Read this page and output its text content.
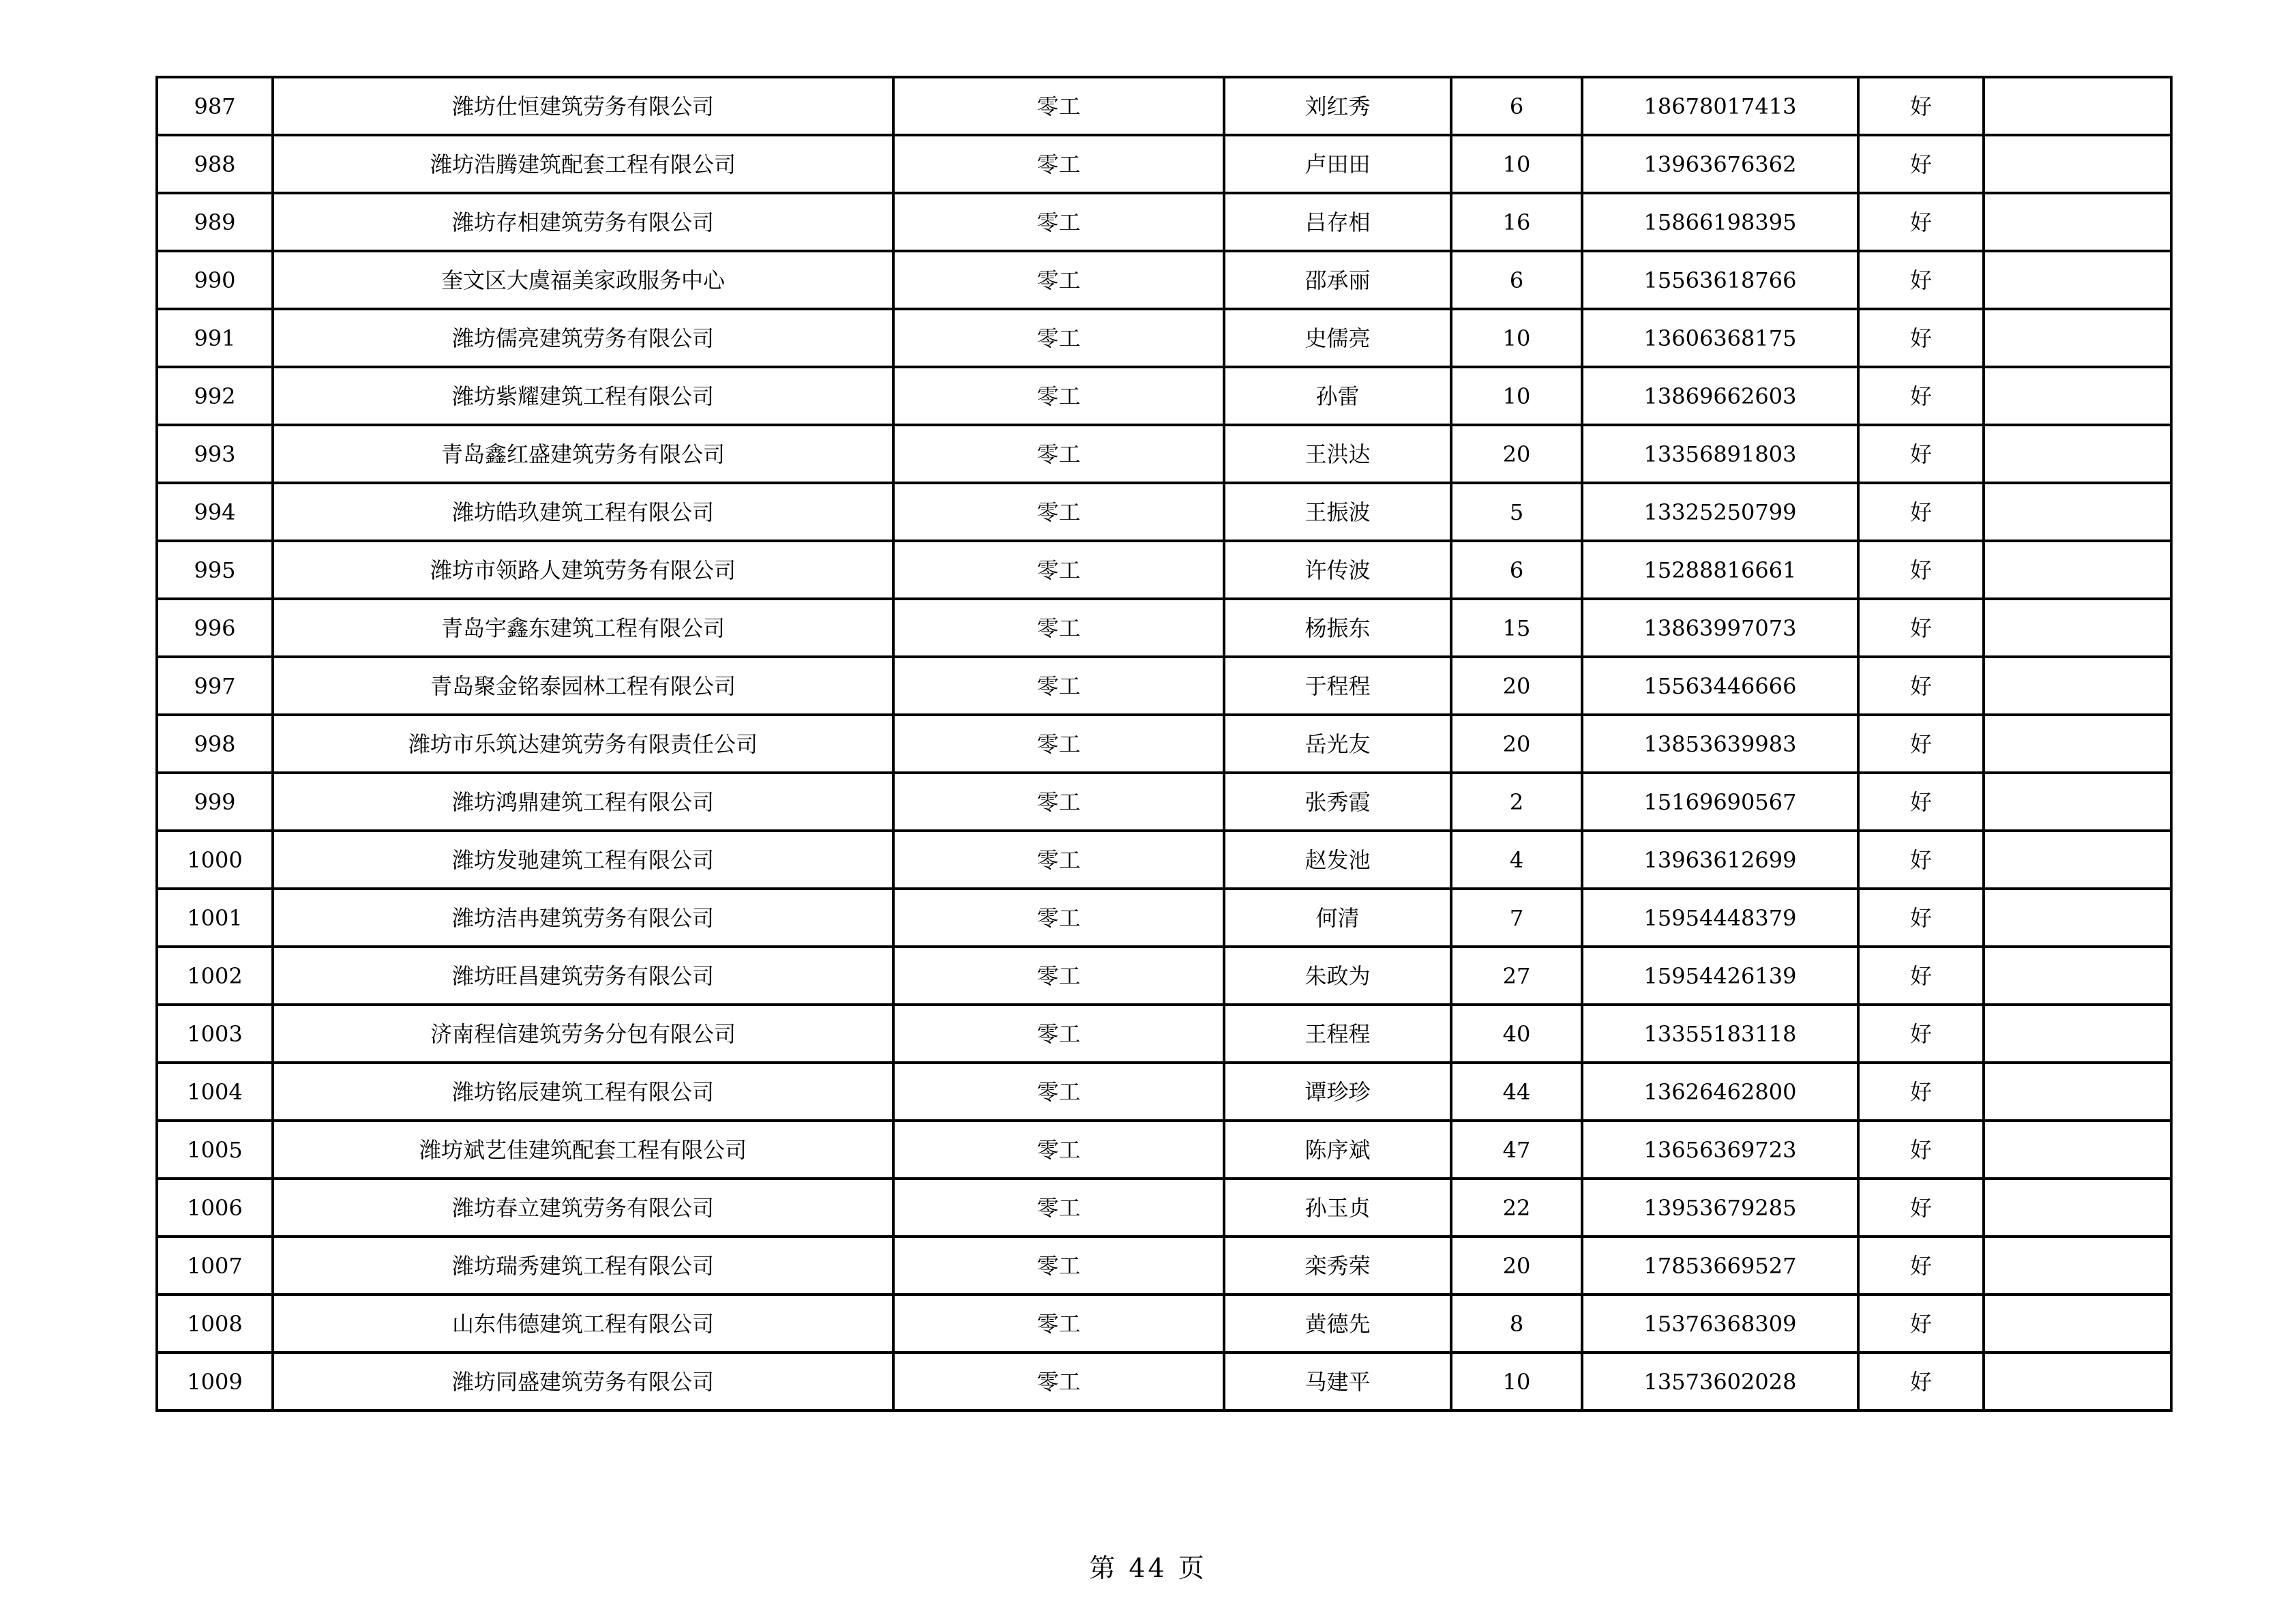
987	潍坊仕恒建筑劳务有限公司	零工	刘红秀	6	18678017413	好	
988	潍坊浩腾建筑配套工程有限公司	零工	卢田田	10	13963676362	好	
989	潍坊存相建筑劳务有限公司	零工	吕存相	16	15866198395	好	
990	奎文区大虞福美家政服务中心	零工	邵承丽	6	15563618766	好	
991	潍坊儒亮建筑劳务有限公司	零工	史儒亮	10	13606368175	好	
992	潍坊紫耀建筑工程有限公司	零工	孙雷	10	13869662603	好	
993	青岛鑫红盛建筑劳务有限公司	零工	王洪达	20	13356891803	好	
994	潍坊皓玖建筑工程有限公司	零工	王振波	5	13325250799	好	
995	潍坊市领路人建筑劳务有限公司	零工	许传波	6	15288816661	好	
996	青岛宇鑫东建筑工程有限公司	零工	杨振东	15	13863997073	好	
997	青岛聚金铭泰园林工程有限公司	零工	于程程	20	15563446666	好	
998	潍坊市乐筑达建筑劳务有限责任公司	零工	岳光友	20	13853639983	好	
999	潍坊鸿鼎建筑工程有限公司	零工	张秀霞	2	15169690567	好	
1000	潍坊发驰建筑工程有限公司	零工	赵发池	4	13963612699	好	
1001	潍坊洁冉建筑劳务有限公司	零工	何清	7	15954448379	好	
1002	潍坊旺昌建筑劳务有限公司	零工	朱政为	27	15954426139	好	
1003	济南程信建筑劳务分包有限公司	零工	王程程	40	13355183118	好	
1004	潍坊铭辰建筑工程有限公司	零工	谭珍珍	44	13626462800	好	
1005	潍坊斌艺佳建筑配套工程有限公司	零工	陈序斌	47	13656369723	好	
1006	潍坊春立建筑劳务有限公司	零工	孙玉贞	22	13953679285	好	
1007	潍坊瑞秀建筑工程有限公司	零工	栾秀荣	20	17853669527	好	
1008	山东伟德建筑工程有限公司	零工	黄德先	8	15376368309	好	
1009	潍坊同盛建筑劳务有限公司	零工	马建平	10	13573602028	好	
第 44 页
